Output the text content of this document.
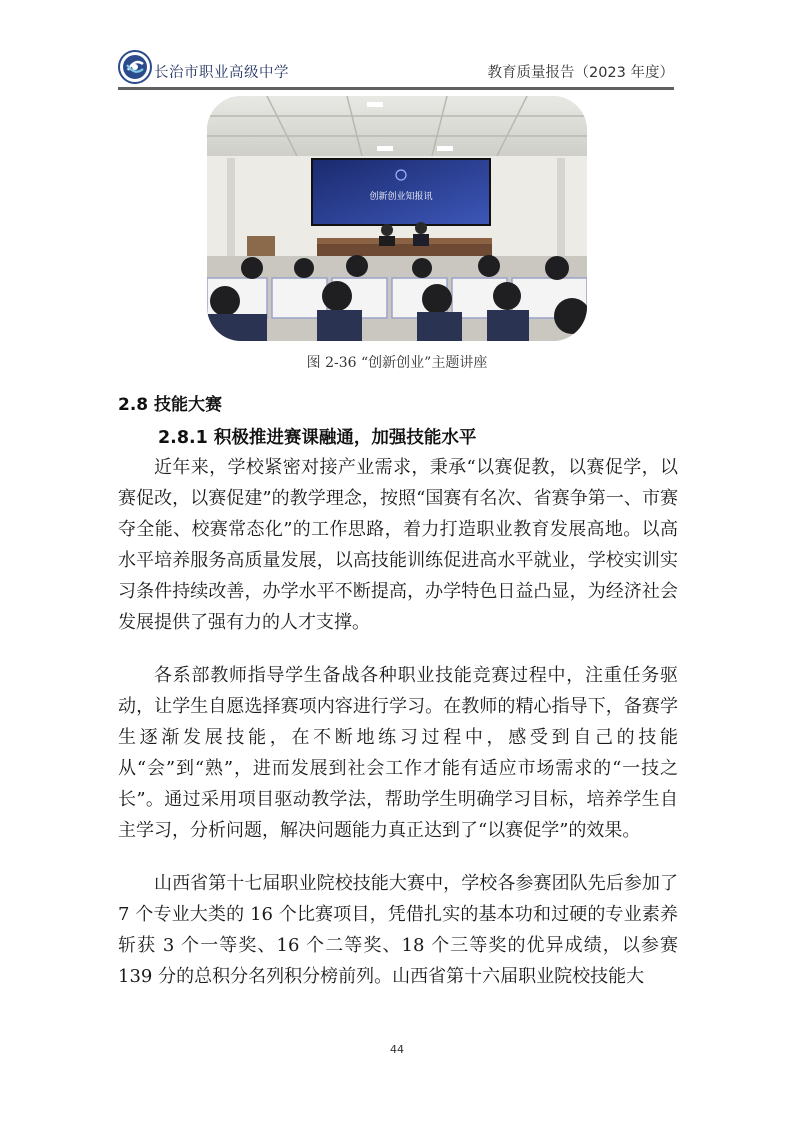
长治市职业高级中学	教育质量报告（2023 年度）
创新创业知报讯
图 2-36 “创新创业”主题讲座
2.8 技能大赛
2.8.1 积极推进赛课融通，加强技能水平

近年来，学校紧密对接产业需求，秉承“以赛促教，以赛促学，以赛促改，以赛促建”的教学理念，按照“国赛有名次、省赛争第一、市赛夺全能、校赛常态化”的工作思路，着力打造职业教育发展高地。以高水平培养服务高质量发展，以高技能训练促进高水平就业，学校实训实习条件持续改善，办学水平不断提高，办学特色日益凸显，为经济社会发展提供了强有力的人才支撑。

各系部教师指导学生备战各种职业技能竞赛过程中，注重任务驱动，让学生自愿选择赛项内容进行学习。在教师的精心指导下，备赛学生逐渐发展技能，在不断地练习过程中，感受到自己的技能从“会”到“熟”，进而发展到社会工作才能有适应市场需求的“一技之长”。通过采用项目驱动教学法，帮助学生明确学习目标，培养学生自主学习，分析问题，解决问题能力真正达到了“以赛促学”的效果。

山西省第十七届职业院校技能大赛中，学校各参赛团队先后参加了 7 个专业大类的 16 个比赛项目，凭借扎实的基本功和过硬的专业素养斩获 3 个一等奖、16 个二等奖、18 个三等奖的优异成绩，以参赛 139 分的总积分名列积分榜前列。山西省第十六届职业院校技能大

44
